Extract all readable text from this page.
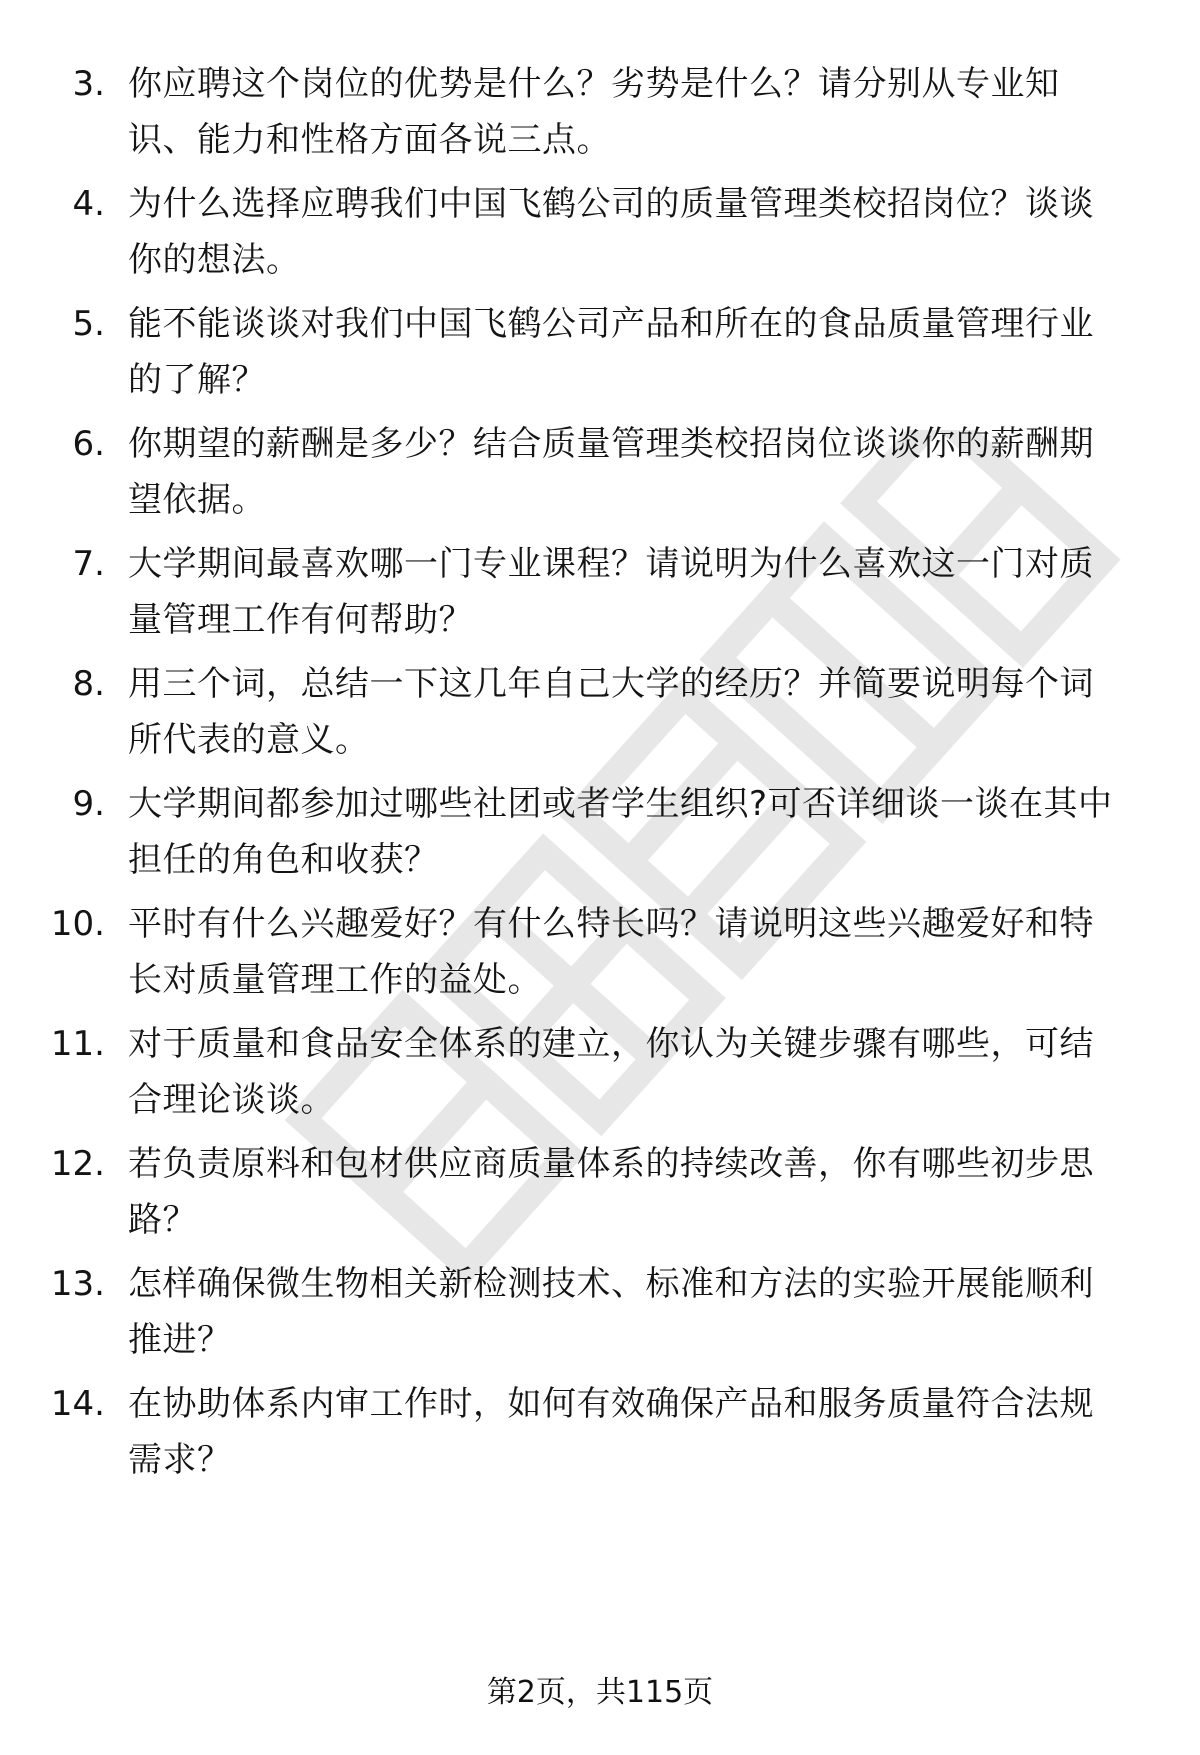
3. 你应聘这个岗位的优势是什么？劣势是什么？请分别从专业知
识、能力和性格方面各说三点。
4. 为什么选择应聘我们中国飞鹤公司的质量管理类校招岗位？谈谈
你的想法。
5. 能不能谈谈对我们中国飞鹤公司产品和所在的食品质量管理行业
的了解？
6. 你期望的薪酬是多少？结合质量管理类校招岗位谈谈你的薪酬期
望依据。
7. 大学期间最喜欢哪一门专业课程？请说明为什么喜欢这一门对质
量管理工作有何帮助？
8. 用三个词，总结一下这几年自己大学的经历？并简要说明每个词
所代表的意义。
9. 大学期间都参加过哪些社团或者学生组织?可否详细谈一谈在其中
担任的角色和收获？
10. 平时有什么兴趣爱好？有什么特长吗？请说明这些兴趣爱好和特
长对质量管理工作的益处。
11. 对于质量和食品安全体系的建立，你认为关键步骤有哪些，可结
合理论谈谈。
12. 若负责原料和包材供应商质量体系的持续改善，你有哪些初步思
路？
13. 怎样确保微生物相关新检测技术、标准和方法的实验开展能顺利
推进？
14. 在协助体系内审工作时，如何有效确保产品和服务质量符合法规
需求？
第2页，共115页
